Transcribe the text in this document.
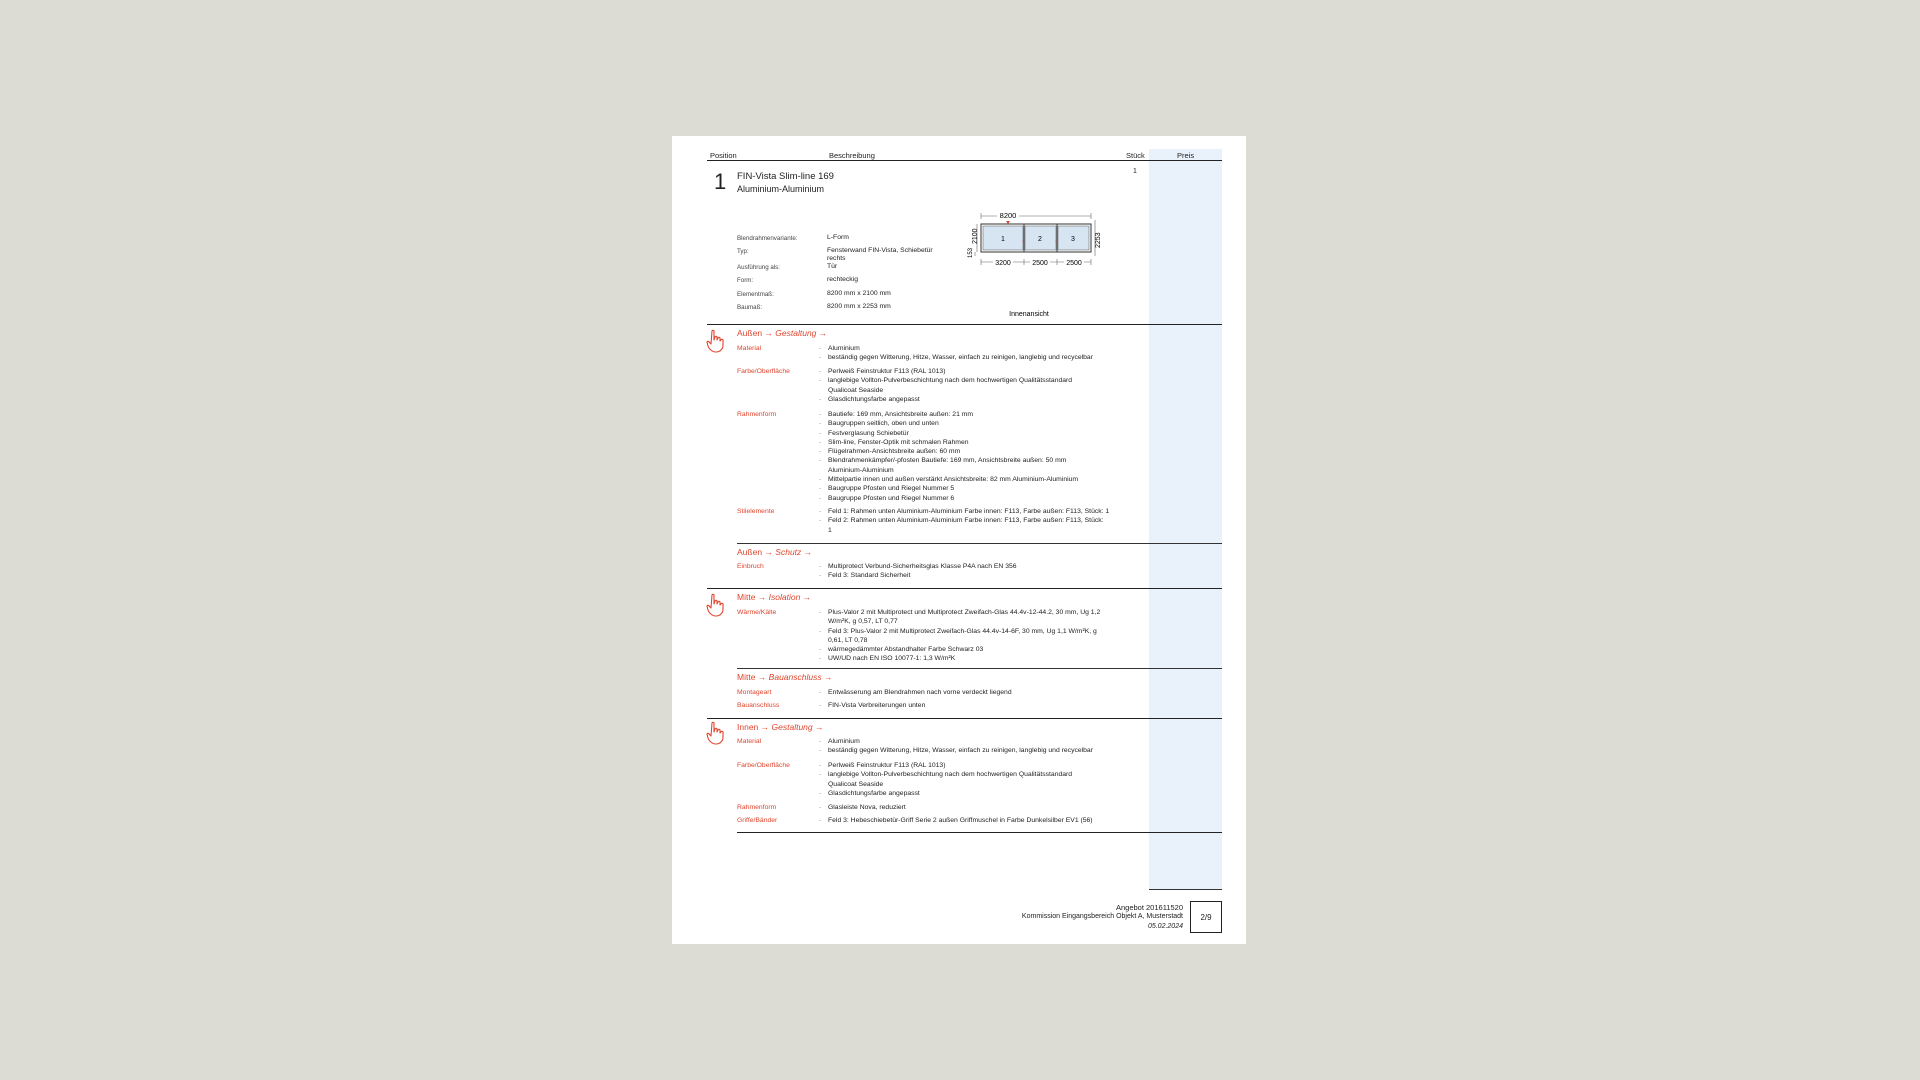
Position	Beschreibung	Stück	Preis
1 FIN-Vista Slim-line 169
Aluminium-Aluminium
1
Blendrahmenvariante:	L-Form
Typ:	Fensterwand FIN-Vista, Schiebetür
rechts
Ausführung als:	Tür
Form:	rechteckig
Elementmaß:	8200 mm x 2100 mm
Baumaß:	8200 mm x 2253 mm
8200
1	2	3
◦	◦
2100
153
2253
3200	2500	2500
Innenansicht
Außen → Gestaltung →
Material	· Aluminium
· beständig gegen Witterung, Hitze, Wasser, einfach zu reinigen, langlebig und recycelbar
Farbe/Oberfläche	· Perlweiß Feinstruktur F113 (RAL 1013)
· langlebige Vollton-Pulverbeschichtung nach dem hochwertigen Qualitätsstandard
Qualicoat Seaside
· Glasdichtungsfarbe angepasst
Rahmenform	· Bautiefe: 169 mm, Ansichtsbreite außen: 21 mm
· Baugruppen seitlich, oben und unten
· Festverglasung Schiebetür
· Slim-line, Fenster-Optik mit schmalen Rahmen
· Flügelrahmen-Ansichtsbreite außen: 60 mm
· Blendrahmenkämpfer/-pfosten Bautiefe: 169 mm, Ansichtsbreite außen: 50 mm
Aluminium-Aluminium
· Mittelpartie innen und außen verstärkt Ansichtsbreite: 82 mm Aluminium-Aluminium
· Baugruppe Pfosten und Riegel Nummer 5
· Baugruppe Pfosten und Riegel Nummer 6
Stilelemente	· Feld 1: Rahmen unten Aluminium-Aluminium Farbe innen: F113, Farbe außen: F113, Stück: 1
· Feld 2: Rahmen unten Aluminium-Aluminium Farbe innen: F113, Farbe außen: F113, Stück:
1
Außen → Schutz →
Einbruch	· Multiprotect Verbund-Sicherheitsglas Klasse P4A nach EN 356
· Feld 3: Standard Sicherheit
Mitte → Isolation →
Wärme/Kälte	· Plus-Valor 2 mit Multiprotect und Multiprotect Zweifach-Glas 44.4v-12-44.2, 30 mm, Ug 1,2
W/m²K, g 0,57, LT 0,77
· Feld 3: Plus-Valor 2 mit Multiprotect Zweifach-Glas 44.4v-14-6F, 30 mm, Ug 1,1 W/m²K, g
0,61, LT 0,78
· wärmegedämmter Abstandhalter Farbe Schwarz 03
· UW/UD nach EN ISO 10077-1: 1,3 W/m²K
Mitte → Bauanschluss →
Montageart	· Entwässerung am Blendrahmen nach vorne verdeckt liegend
Bauanschluss	· FIN-Vista Verbreiterungen unten
Innen → Gestaltung →
Material	· Aluminium
· beständig gegen Witterung, Hitze, Wasser, einfach zu reinigen, langlebig und recycelbar
Farbe/Oberfläche	· Perlweiß Feinstruktur F113 (RAL 1013)
· langlebige Vollton-Pulverbeschichtung nach dem hochwertigen Qualitätsstandard
Qualicoat Seaside
· Glasdichtungsfarbe angepasst
Rahmenform	· Glasleiste Nova, reduziert
Griffe/Bänder	· Feld 3: Hebeschiebetür-Griff Serie 2 außen Griffmuschel in Farbe Dunkelsilber EV1 (56)
Angebot 201611520
Kommission Eingangsbereich Objekt A, Musterstadt
05.02.2024
2/9
